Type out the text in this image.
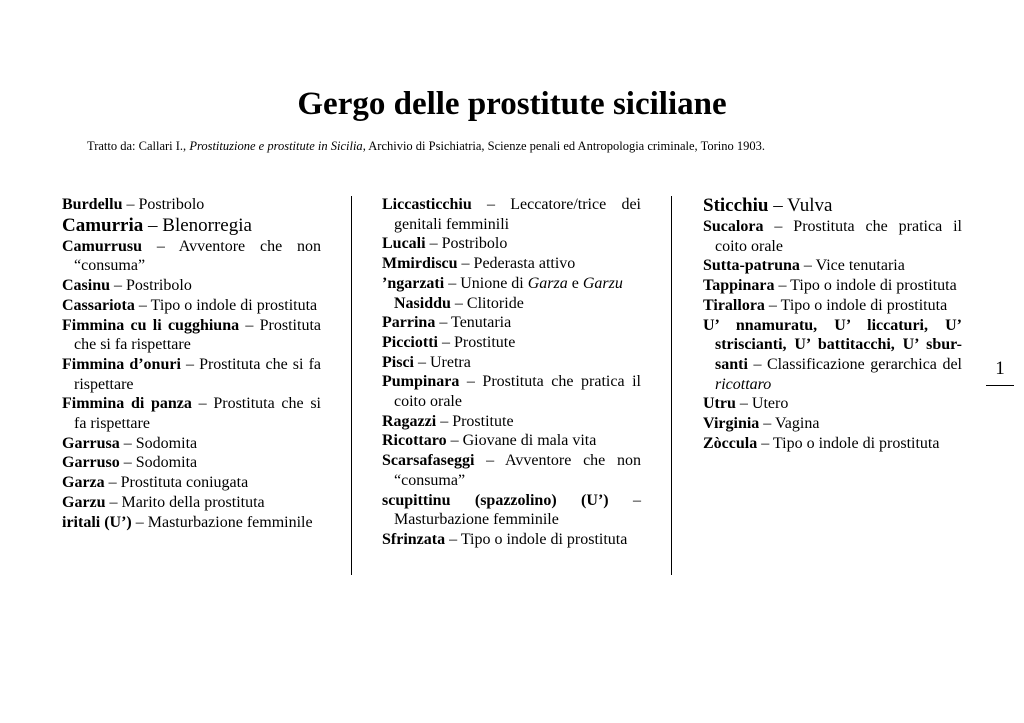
Gergo delle prostitute siciliane
Tratto da: Callari I., Prostituzione e prostitute in Sicilia, Archivio di Psichiatria, Scienze penali ed Antropologia criminale, Torino 1903.
Burdellu – Postribolo
Camurria – Blenorregia
Camurrusu – Avventore che non “consuma”
Casinu – Postribolo
Cassariota – Tipo o indole di prostituta
Fimmina cu li cugghiuna – Prostituta che si fa rispettare
Fimmina d’onuri – Prostituta che si fa rispettare
Fimmina di panza – Prostituta che si fa rispettare
Garrusa – Sodomita
Garruso – Sodomita
Garza – Prostituta coniugata
Garzu – Marito della prostituta
iritali (U’) – Masturbazione femminile
Liccasticchiu – Leccatore/trice dei genitali femminili
Lucali – Postribolo
Mmirdiscu – Pederasta attivo
’ngarzati – Unione di Garza e Garzu
Nasiddu – Clitoride
Parrina – Tenutaria
Picciotti – Prostitute
Pisci – Uretra
Pumpinara – Prostituta che pratica il coito orale
Ragazzi – Prostitute
Ricottaro – Giovane di mala vita
Scarsafaseggi – Avventore che non “consuma”
scupittinu (spazzolino) (U’) – Masturbazione femminile
Sfrinzata – Tipo o indole di prostituta
Sticchiu – Vulva
Sucalora – Prostituta che pratica il coito orale
Sutta-patruna – Vice tenutaria
Tappinara – Tipo o indole di prostituta
Tirallora – Tipo o indole di prostituta
U’ nnamuratu, U’ liccaturi, U’ striscianti, U’ battitacchi, U’ sbur-santi – Classificazione gerarchica del ricottaro
Utru – Utero
Virginia – Vagina
Zòccula – Tipo o indole di prostituta
1
